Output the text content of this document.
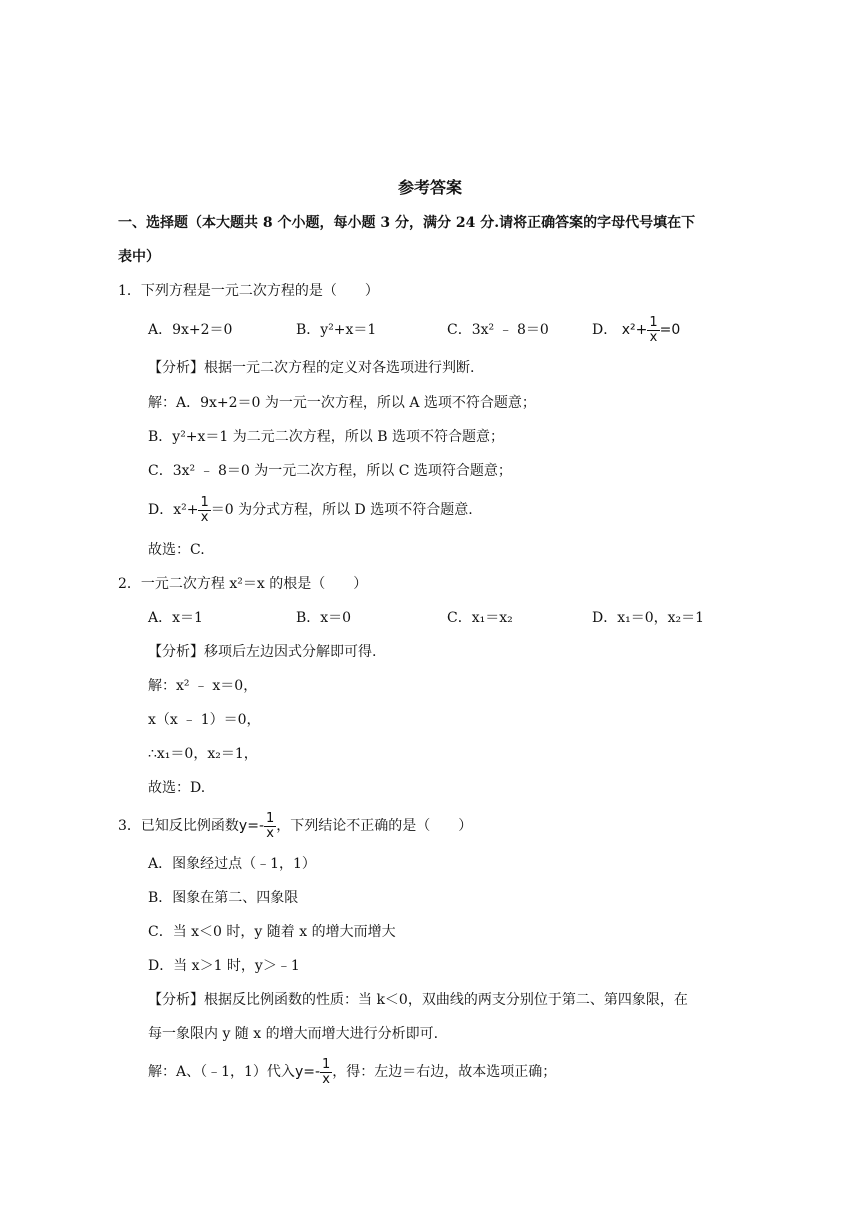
参考答案
一、选择题（本大题共 8 个小题，每小题 3 分，满分 24 分.请将正确答案的字母代号填在下
表中）
1．下列方程是一元二次方程的是（　　）
A．9x+2＝0	B．y²+x＝1	C．3x² ﹣ 8＝0	D． $x^2+ \frac{1}{x} =0$
【分析】根据一元二次方程的定义对各选项进行判断.
解：A．9x+2＝0 为一元一次方程，所以 A 选项不符合题意；
B．y²+x＝1 为二元二次方程，所以 B 选项不符合题意；
C．3x² ﹣ 8＝0 为一元二次方程，所以 C 选项符合题意；
D．$x^2+ \frac{1}{x} =0$ 为分式方程，所以 D 选项不符合题意.
故选：C.
2．一元二次方程 x²＝x 的根是（　　）
A．x＝1	B．x＝0	C．x₁＝x₂	D．x₁＝0，x₂＝1
【分析】移项后左边因式分解即可得.
解：x² ﹣ x＝0，
x（x ﹣ 1）＝0，
∴x₁＝0，x₂＝1，
故选：D.
3．已知反比例函数$y=- \frac{1}{x}$ ，下列结论不正确的是（　　）
A．图象经过点（﹣1，1）
B．图象在第二、四象限
C．当 x＜0 时，y 随着 x 的增大而增大
D．当 x＞1 时，y＞﹣1
【分析】根据反比例函数的性质：当 k＜0，双曲线的两支分别位于第二、第四象限，在
每一象限内 y 随 x 的增大而增大进行分析即可.
解：A、（﹣1，1）代入$y=- \frac{1}{x}$ ，得：左边＝右边，故本选项正确；
